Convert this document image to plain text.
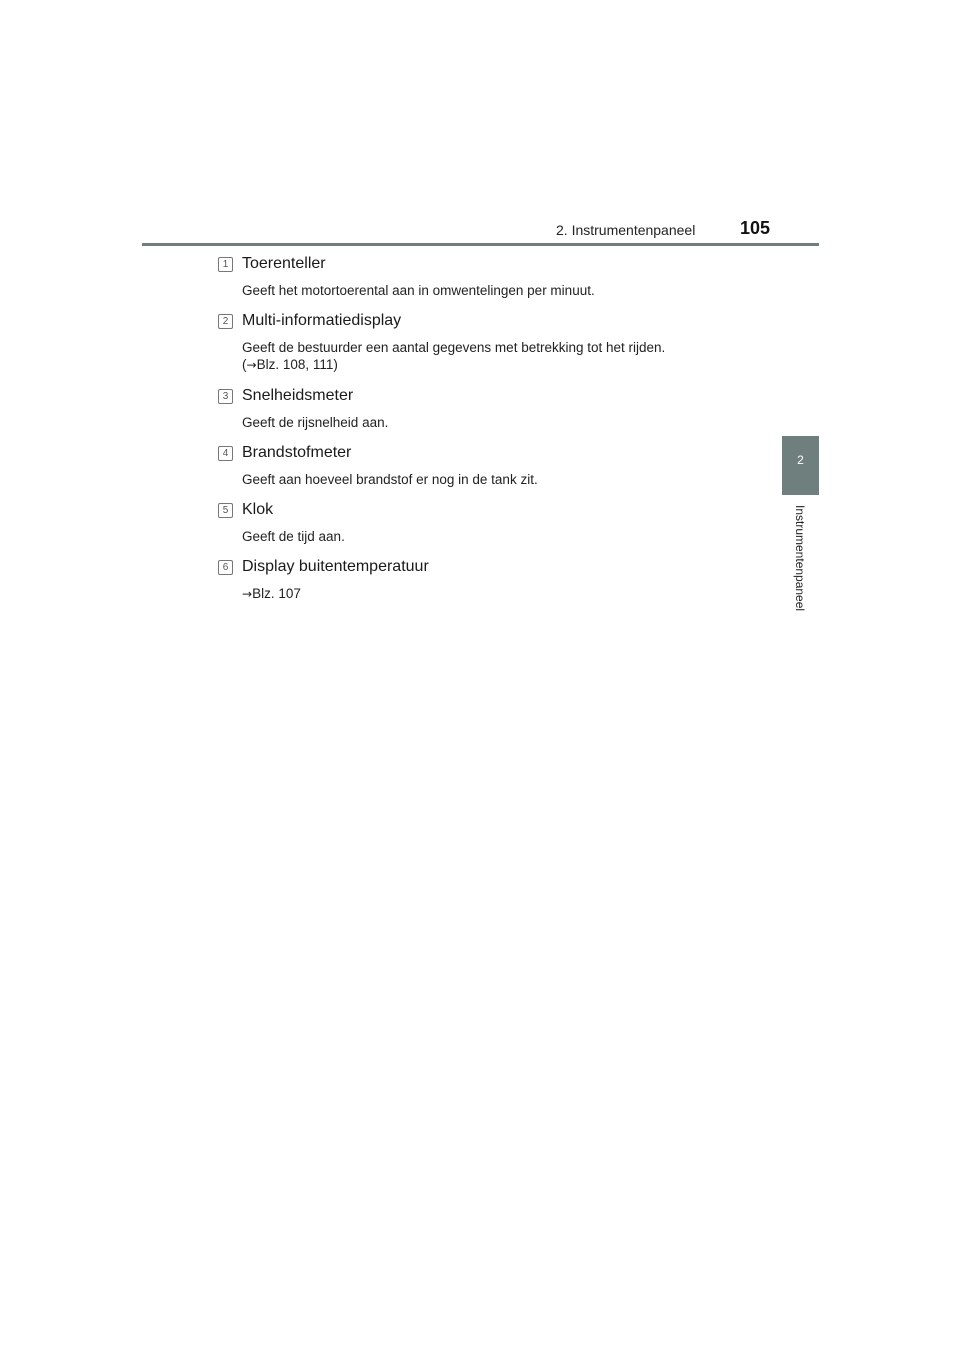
2. Instrumentenpaneel 105
2
Instrumentenpaneel
1 Toerenteller
Geeft het motortoerental aan in omwentelingen per minuut.
2 Multi-informatiedisplay
Geeft de bestuurder een aantal gegevens met betrekking tot het rijden.
(→Blz. 108, 111)
3 Snelheidsmeter
Geeft de rijsnelheid aan.
4 Brandstofmeter
Geeft aan hoeveel brandstof er nog in de tank zit.
5 Klok
Geeft de tijd aan.
6 Display buitentemperatuur
→Blz. 107
